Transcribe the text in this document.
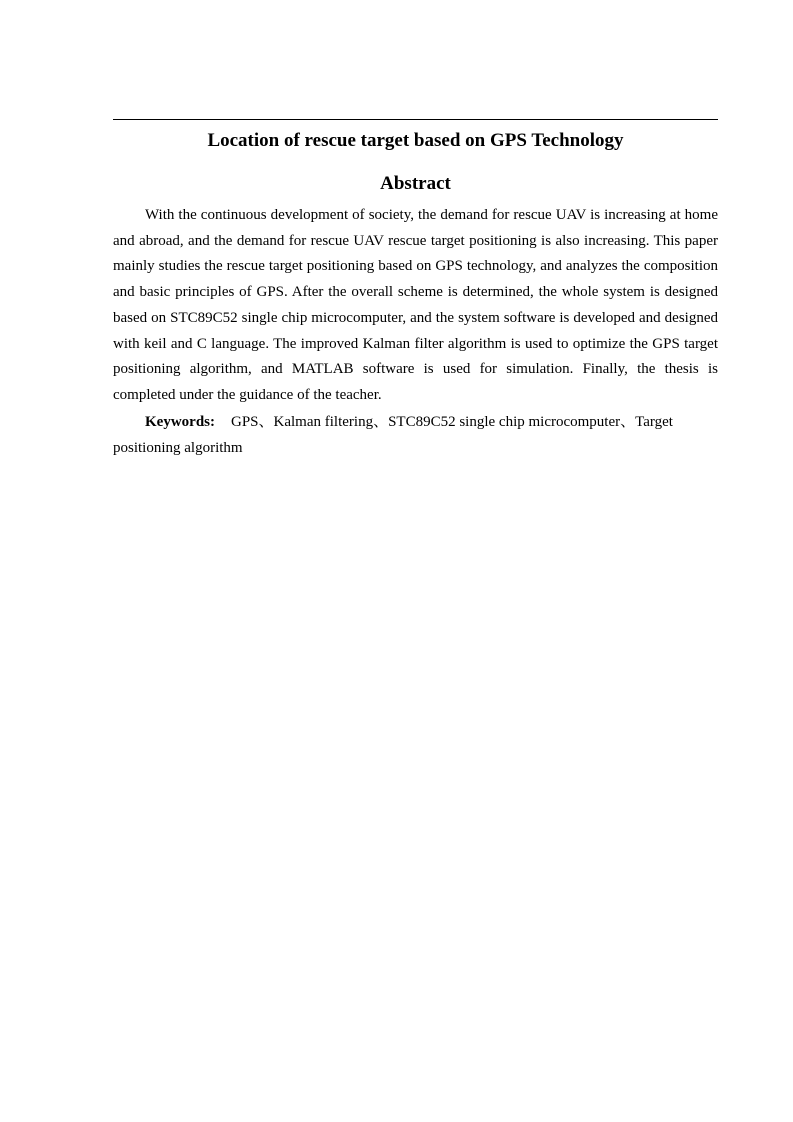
Location of rescue target based on GPS Technology
Abstract

With the continuous development of society, the demand for rescue UAV is increasing at home and abroad, and the demand for rescue UAV rescue target positioning is also increasing. This paper mainly studies the rescue target positioning based on GPS technology, and analyzes the composition and basic principles of GPS. After the overall scheme is determined, the whole system is designed based on STC89C52 single chip microcomputer, and the system software is developed and designed with keil and C language. The improved Kalman filter algorithm is used to optimize the GPS target positioning algorithm, and MATLAB software is used for simulation. Finally, the thesis is completed under the guidance of the teacher.

Keywords: GPS、Kalman filtering、STC89C52 single chip microcomputer、Target positioning algorithm
